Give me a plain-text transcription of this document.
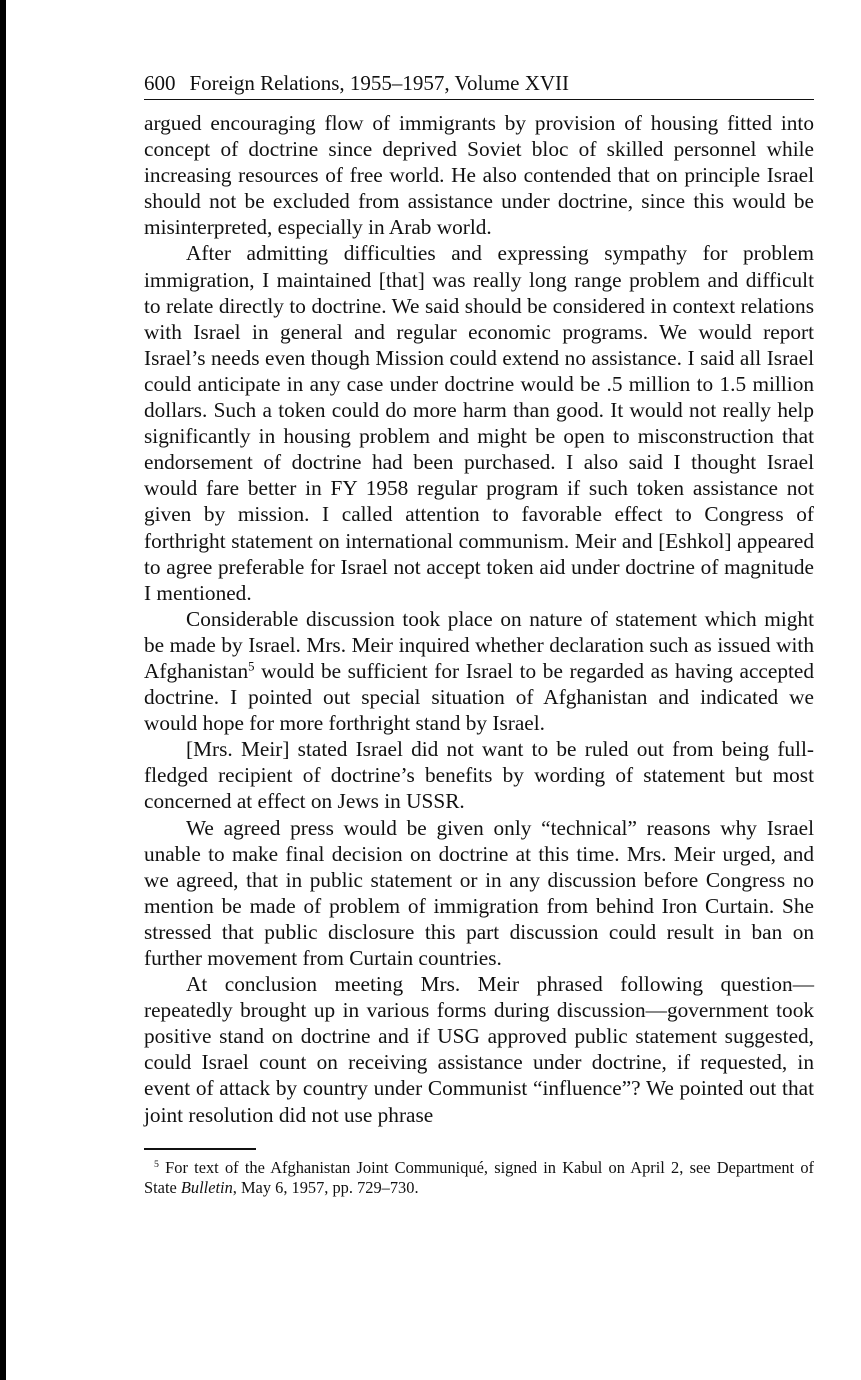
600 Foreign Relations, 1955–1957, Volume XVII

argued encouraging flow of immigrants by provision of housing fitted into concept of doctrine since deprived Soviet bloc of skilled personnel while increasing resources of free world. He also contended that on principle Israel should not be excluded from assistance under doctrine, since this would be misinterpreted, especially in Arab world.

After admitting difficulties and expressing sympathy for problem immigration, I maintained [that] was really long range problem and difficult to relate directly to doctrine. We said should be considered in context relations with Israel in general and regular economic programs. We would report Israel’s needs even though Mission could extend no assistance. I said all Israel could anticipate in any case under doctrine would be .5 million to 1.5 million dollars. Such a token could do more harm than good. It would not really help significantly in housing problem and might be open to misconstruction that endorsement of doctrine had been purchased. I also said I thought Israel would fare better in FY 1958 regular program if such token assistance not given by mission. I called attention to favorable effect to Congress of forthright statement on international communism. Meir and [Eshkol] appeared to agree preferable for Israel not accept token aid under doctrine of magnitude I mentioned.

Considerable discussion took place on nature of statement which might be made by Israel. Mrs. Meir inquired whether declaration such as issued with Afghanistan$^5$ would be sufficient for Israel to be regarded as having accepted doctrine. I pointed out special situation of Afghanistan and indicated we would hope for more forthright stand by Israel.

[Mrs. Meir] stated Israel did not want to be ruled out from being full-fledged recipient of doctrine’s benefits by wording of statement but most concerned at effect on Jews in USSR.

We agreed press would be given only “technical” reasons why Israel unable to make final decision on doctrine at this time. Mrs. Meir urged, and we agreed, that in public statement or in any discussion before Congress no mention be made of problem of immigration from behind Iron Curtain. She stressed that public disclosure this part discussion could result in ban on further movement from Curtain countries.

At conclusion meeting Mrs. Meir phrased following question—repeatedly brought up in various forms during discussion—government took positive stand on doctrine and if USG approved public statement suggested, could Israel count on receiving assistance under doctrine, if requested, in event of attack by country under Communist “influence”? We pointed out that joint resolution did not use phrase

$^5$ For text of the Afghanistan Joint Communiqué, signed in Kabul on April 2, see Department of State Bulletin, May 6, 1957, pp. 729–730.
